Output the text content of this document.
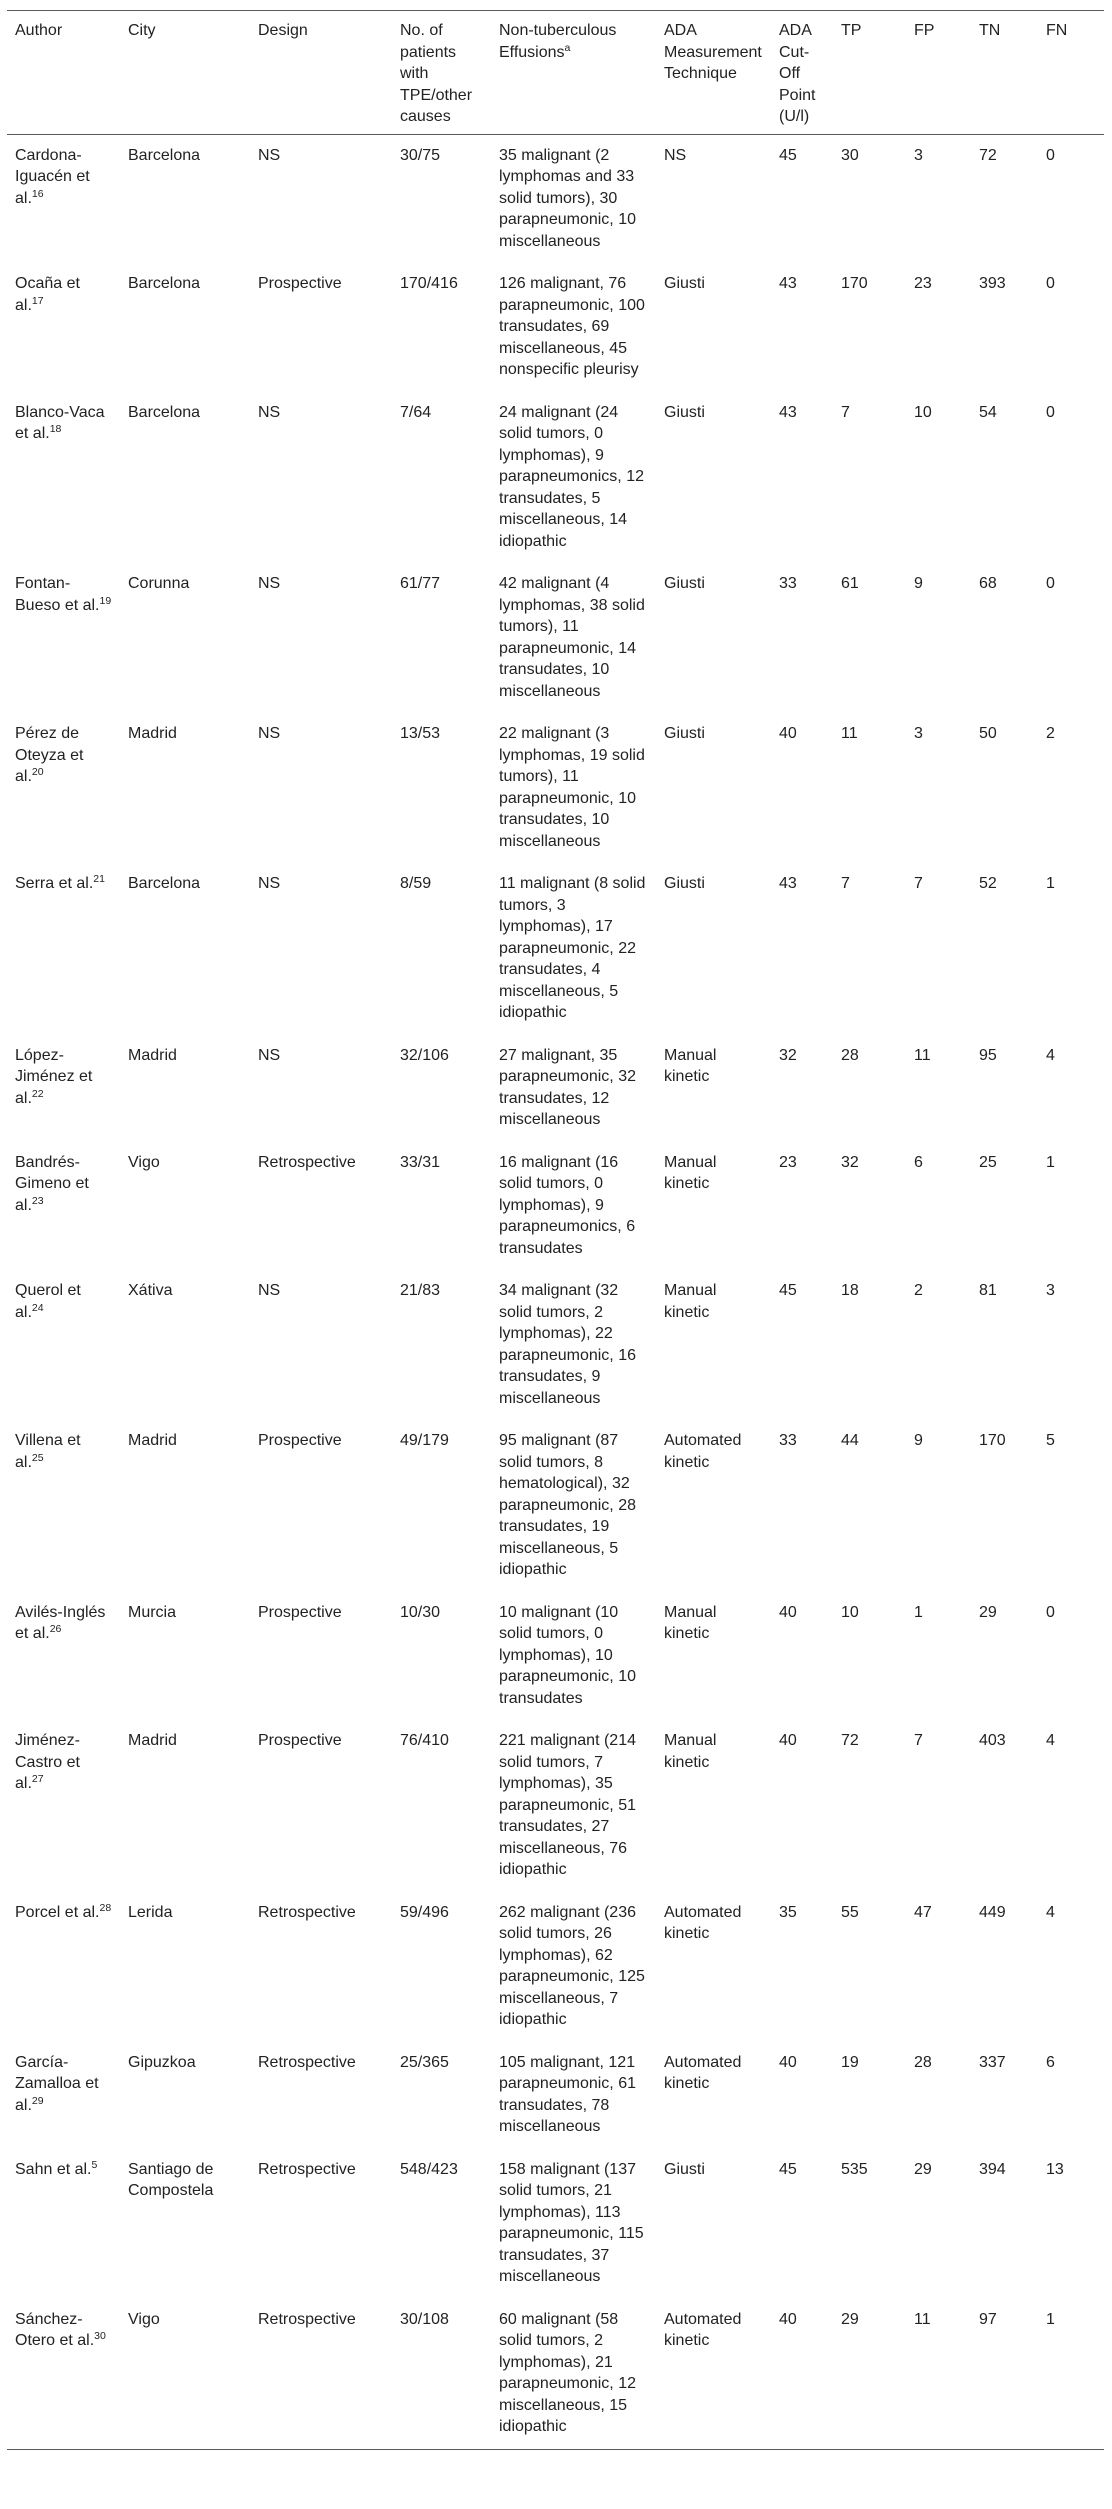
Author	City	Design	No. of patients with TPE/other causes	Non-tuberculous Effusions$^a$	ADA Measurement Technique	ADA Cut-Off Point (U/l)	TP	FP	TN	FN
Cardona-Iguacén et al.$^{16}$	Barcelona	NS	30/75	35 malignant (2 lymphomas and 33 solid tumors), 30 parapneumonic, 10 miscellaneous	NS	45	30	3	72	0
Ocaña et al.$^{17}$	Barcelona	Prospective	170/416	126 malignant, 76 parapneumonic, 100 transudates, 69 miscellaneous, 45 nonspecific pleurisy	Giusti	43	170	23	393	0
Blanco-Vaca et al.$^{18}$	Barcelona	NS	7/64	24 malignant (24 solid tumors, 0 lymphomas), 9 parapneumonics, 12 transudates, 5 miscellaneous, 14 idiopathic	Giusti	43	7	10	54	0
Fontan-Bueso et al.$^{19}$	Corunna	NS	61/77	42 malignant (4 lymphomas, 38 solid tumors), 11 parapneumonic, 14 transudates, 10 miscellaneous	Giusti	33	61	9	68	0
Pérez de Oteyza et al.$^{20}$	Madrid	NS	13/53	22 malignant (3 lymphomas, 19 solid tumors), 11 parapneumonic, 10 transudates, 10 miscellaneous	Giusti	40	11	3	50	2
Serra et al.$^{21}$	Barcelona	NS	8/59	11 malignant (8 solid tumors, 3 lymphomas), 17 parapneumonic, 22 transudates, 4 miscellaneous, 5 idiopathic	Giusti	43	7	7	52	1
López-Jiménez et al.$^{22}$	Madrid	NS	32/106	27 malignant, 35 parapneumonic, 32 transudates, 12 miscellaneous	Manual kinetic	32	28	11	95	4
Bandrés-Gimeno et al.$^{23}$	Vigo	Retrospective	33/31	16 malignant (16 solid tumors, 0 lymphomas), 9 parapneumonics, 6 transudates	Manual kinetic	23	32	6	25	1
Querol et al.$^{24}$	Xátiva	NS	21/83	34 malignant (32 solid tumors, 2 lymphomas), 22 parapneumonic, 16 transudates, 9 miscellaneous	Manual kinetic	45	18	2	81	3
Villena et al.$^{25}$	Madrid	Prospective	49/179	95 malignant (87 solid tumors, 8 hematological), 32 parapneumonic, 28 transudates, 19 miscellaneous, 5 idiopathic	Automated kinetic	33	44	9	170	5
Avilés-Inglés et al.$^{26}$	Murcia	Prospective	10/30	10 malignant (10 solid tumors, 0 lymphomas), 10 parapneumonic, 10 transudates	Manual kinetic	40	10	1	29	0
Jiménez-Castro et al.$^{27}$	Madrid	Prospective	76/410	221 malignant (214 solid tumors, 7 lymphomas), 35 parapneumonic, 51 transudates, 27 miscellaneous, 76 idiopathic	Manual kinetic	40	72	7	403	4
Porcel et al.$^{28}$	Lerida	Retrospective	59/496	262 malignant (236 solid tumors, 26 lymphomas), 62 parapneumonic, 125 miscellaneous, 7 idiopathic	Automated kinetic	35	55	47	449	4
García-Zamalloa et al.$^{29}$	Gipuzkoa	Retrospective	25/365	105 malignant, 121 parapneumonic, 61 transudates, 78 miscellaneous	Automated kinetic	40	19	28	337	6
Sahn et al.$^5$	Santiago de Compostela	Retrospective	548/423	158 malignant (137 solid tumors, 21 lymphomas), 113 parapneumonic, 115 transudates, 37 miscellaneous	Giusti	45	535	29	394	13
Sánchez-Otero et al.$^{30}$	Vigo	Retrospective	30/108	60 malignant (58 solid tumors, 2 lymphomas), 21 parapneumonic, 12 miscellaneous, 15 idiopathic	Automated kinetic	40	29	11	97	1
